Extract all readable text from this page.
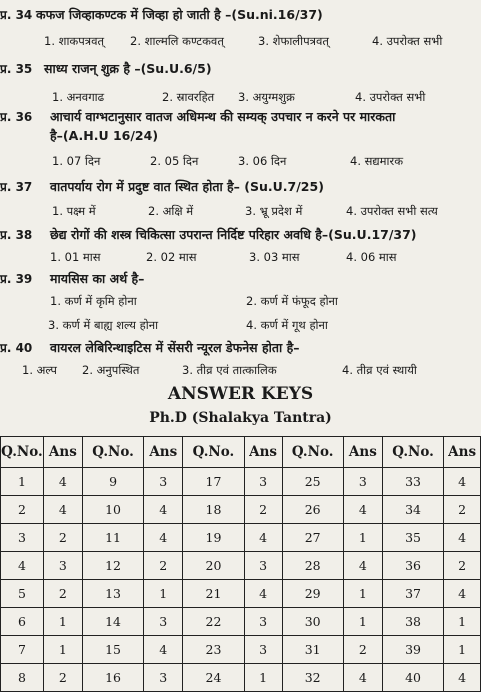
प्र. 34 कफज जिव्हाकण्टक में जिव्हा हो जाती है –(Su.ni.16/37)
1. शाकपत्रवत् 2. शाल्मलि कण्टकवत्	3. शेफालीपत्रवत्	4. उपरोक्त सभी
प्र. 35 साध्य राजन् शुक्र है –(Su.U.6/5)
1. अनवगाढ	2. स्रावरहित 3. अयुग्मशुक्र	4. उपरोक्त सभी
प्र. 36 आचार्य वाग्भटानुसार वातज अधिमन्थ की सम्यक् उपचार न करने पर मारकता
है–(A.H.U 16/24)
1. 07 दिन	2. 05 दिन	3. 06 दिन	4. सद्यमारक
प्र. 37 वातपर्याय रोग में प्रदुष्ट वात स्थित होता है– (Su.U.7/25)
1. पक्ष्म में	2. अक्षि में	3. भ्रू प्रदेश में	4. उपरोक्त सभी सत्य
प्र. 38 छेद्य रोगों की शस्त्र चिकित्सा उपरान्त निर्दिष्ट परिहार अवधि है–(Su.U.17/37)
1. 01 मास	2. 02 मास	3. 03 मास	4. 06 मास
प्र. 39 मायसिस का अर्थ है–
1. कर्ण में कृमि होना	2. कर्ण में फंफूद होना
3. कर्ण में बाह्य शल्य होना	4. कर्ण में गूथ होना
प्र. 40 वायरल लेबिरिन्थाइटिस में सेंसरी न्यूरल डेफनेस होता है–
1. अल्प 2. अनुपस्थित	3. तीव्र एवं तात्कालिक	4. तीव्र एवं स्थायी
ANSWER KEYS
Ph.D (Shalakya Tantra)
Q.No.	Ans	Q.No.	Ans	Q.No.	Ans	Q.No.	Ans	Q.No.	Ans
1	4	9	3	17	3	25	3	33	4
2	4	10	4	18	2	26	4	34	2
3	2	11	4	19	4	27	1	35	4
4	3	12	2	20	3	28	4	36	2
5	2	13	1	21	4	29	1	37	4
6	1	14	3	22	3	30	1	38	1
7	1	15	4	23	3	31	2	39	1
8	2	16	3	24	1	32	4	40	4
